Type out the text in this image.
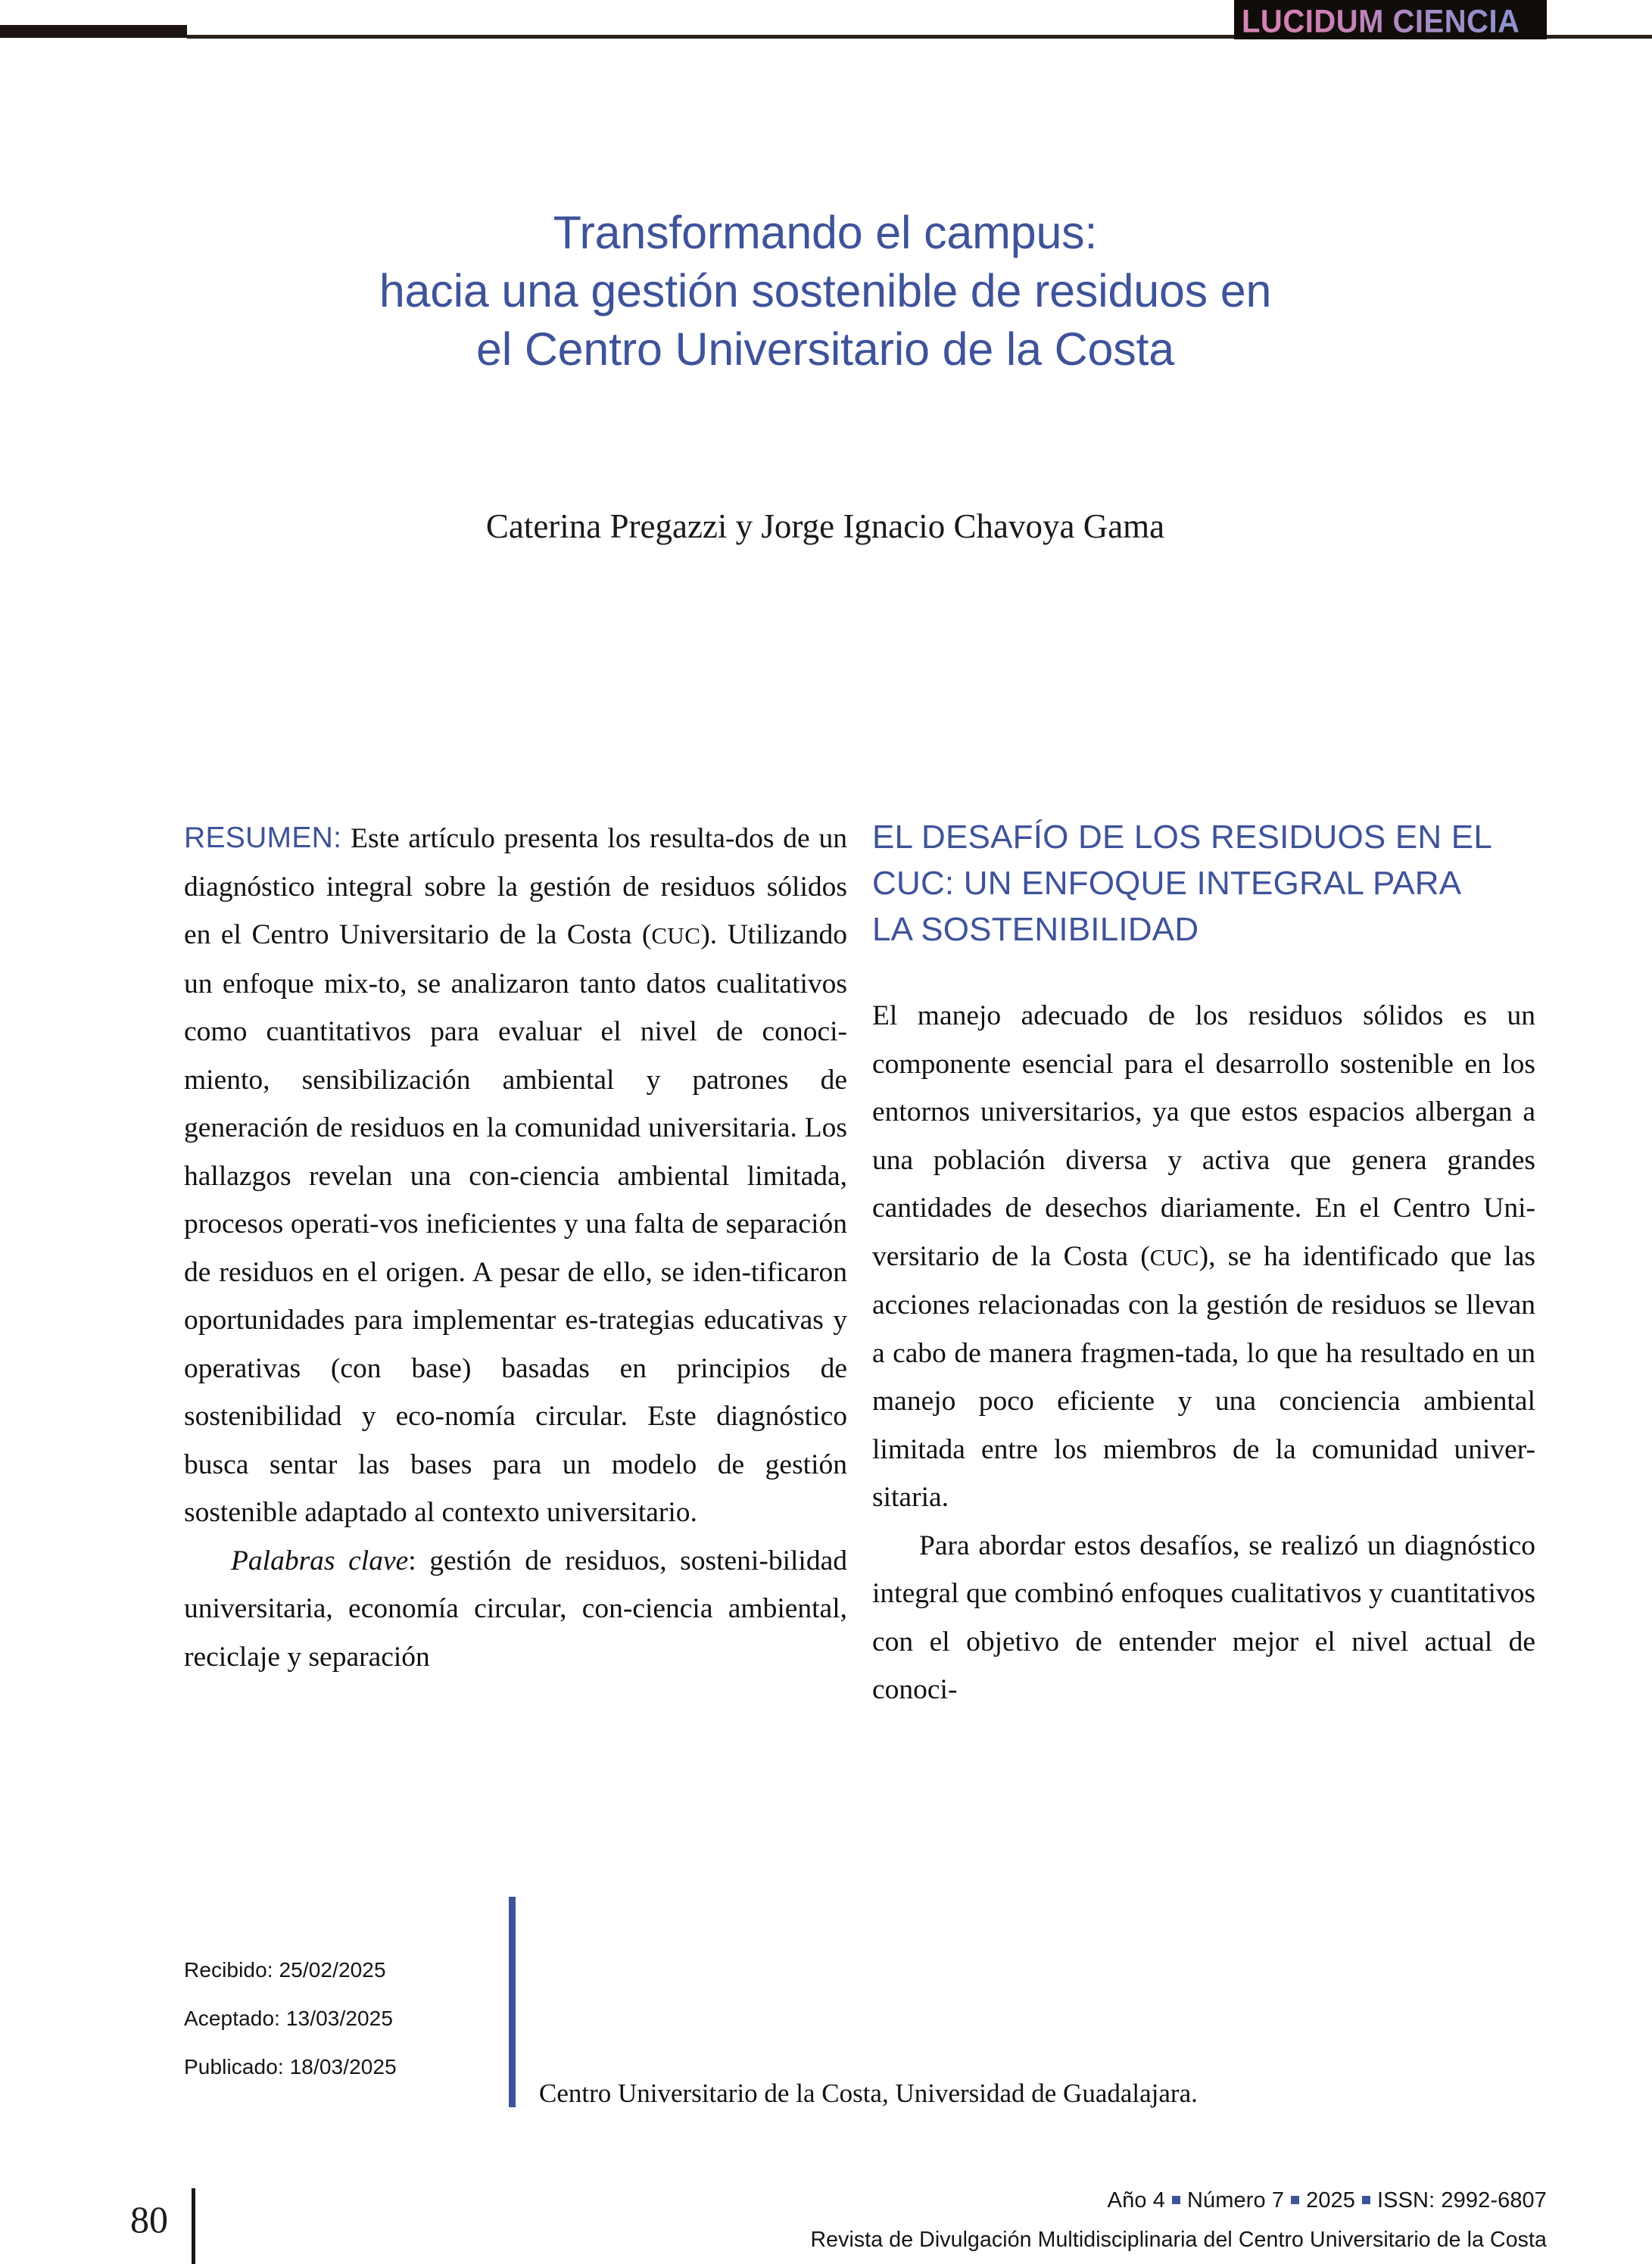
LUCIDUM CIENCIA
Transformando el campus:
hacia una gestión sostenible de residuos en
el Centro Universitario de la Costa
Caterina Pregazzi y Jorge Ignacio Chavoya Gama

RESUMEN: Este artículo presenta los resulta-dos de un diagnóstico integral sobre la gestión de residuos sólidos en el Centro Universitario de la Costa (CUC). Utilizando un enfoque mix-to, se analizaron tanto datos cualitativos como cuantitativos para evaluar el nivel de conoci-miento, sensibilización ambiental y patrones de generación de residuos en la comunidad universitaria. Los hallazgos revelan una con-ciencia ambiental limitada, procesos operati-vos ineficientes y una falta de separación de residuos en el origen. A pesar de ello, se iden-tificaron oportunidades para implementar es-trategias educativas y operativas (con base) basadas en principios de sostenibilidad y eco-nomía circular. Este diagnóstico busca sentar las bases para un modelo de gestión sostenible adaptado al contexto universitario.

Palabras clave: gestión de residuos, sosteni-bilidad universitaria, economía circular, con-ciencia ambiental, reciclaje y separación

EL DESAFÍO DE LOS RESIDUOS EN EL
CUC: UN ENFOQUE INTEGRAL PARA
LA SOSTENIBILIDAD

El manejo adecuado de los residuos sólidos es un componente esencial para el desarrollo sostenible en los entornos universitarios, ya que estos espacios albergan a una población diversa y activa que genera grandes cantidades de desechos diariamente. En el Centro Uni-versitario de la Costa (CUC), se ha identificado que las acciones relacionadas con la gestión de residuos se llevan a cabo de manera fragmen-tada, lo que ha resultado en un manejo poco eficiente y una conciencia ambiental limitada entre los miembros de la comunidad univer-sitaria.

Para abordar estos desafíos, se realizó un diagnóstico integral que combinó enfoques cualitativos y cuantitativos con el objetivo de entender mejor el nivel actual de conoci-

Recibido: 25/02/2025
Aceptado: 13/03/2025
Publicado: 18/03/2025
Centro Universitario de la Costa, Universidad de Guadalajara.
80	Año 4 Número 7 2025 ISSN: 2992-6807
Revista de Divulgación Multidisciplinaria del Centro Universitario de la Costa
